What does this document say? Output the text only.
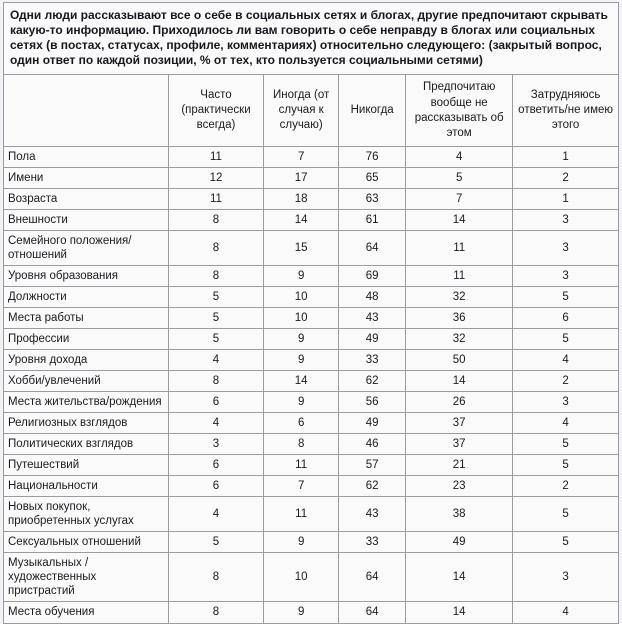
Одни люди рассказывают все о себе в социальных сетях и блогах, другие предпочитают скрывать какую-то информацию. Приходилось ли вам говорить о себе неправду в блогах или социальных сетях (в постах, статусах, профиле, комментариях) относительно следующего: (закрытый вопрос, один ответ по каждой позиции, % от тех, кто пользуется социальными сетями)					
	Часто (практически всегда)	Иногда (от случая к случаю)	Никогда	Предпочитаю вообще не рассказывать об этом	Затрудняюсь ответить/не имею этого
Пола	11	7	76	4	1
Имени	12	17	65	5	2
Возраста	11	18	63	7	1
Внешности	8	14	61	14	3
Семейного положения/отношений	8	15	64	11	3
Уровня образования	8	9	69	11	3
Должности	5	10	48	32	5
Места работы	5	10	43	36	6
Профессии	5	9	49	32	5
Уровня дохода	4	9	33	50	4
Хобби/увлечений	8	14	62	14	2
Места жительства/рождения	6	9	56	26	3
Религиозных взглядов	4	6	49	37	4
Политических взглядов	3	8	46	37	5
Путешествий	6	11	57	21	5
Национальности	6	7	62	23	2
Новых покупок, приобретенных услугах	4	11	43	38	5
Сексуальных отношений	5	9	33	49	5
Музыкальных / художественных пристрастий	8	10	64	14	3
Места обучения	8	9	64	14	4
